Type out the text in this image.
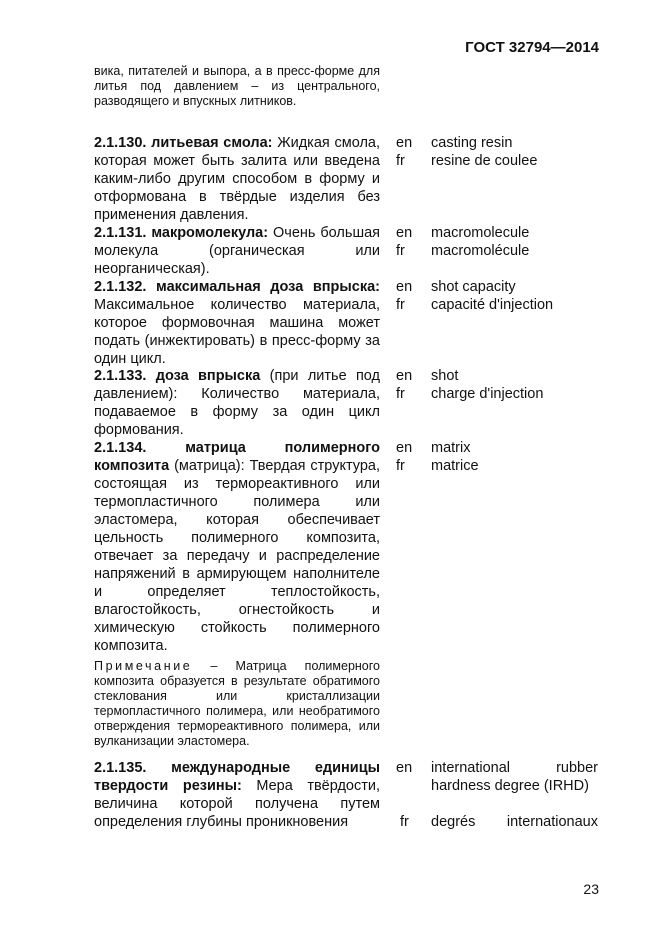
ГОСТ 32794—2014
вика, питателей и выпора, а в пресс-форме для литья под давлением – из центрального, разводящего и впускных литников.
2.1.130. литьевая смола: Жидкая смола, которая может быть залита или введена каким-либо другим способом в форму и отформована в твёрдые изделия без применения давления.
en	casting resin
fr	resine de coulee
2.1.131. макромолекула: Очень большая молекула (органическая или неорганическая).
en	macromolecule
fr	macromolécule
2.1.132. максимальная доза впрыска: Максимальное количество материала, которое формовочная машина может подать (инжектировать) в пресс-форму за один цикл.
en	shot capacity
fr	capacité d'injection
2.1.133. доза впрыска (при литье под давлением): Количество материала, подаваемое в форму за один цикл формования.
en	shot
fr	charge d'injection
2.1.134.	матрица полимерного композита (матрица): Твердая структура, состоящая из термореактивного или термопластичного полимера или эластомера, которая обеспечивает цельность полимерного композита, отвечает за передачу и распределение напряжений в армирующем наполнителе и определяет теплостойкость, влагостойкость, огнестойкость и химическую стойкость полимерного композита.
en	matrix
fr	matrice
Примечание – Матрица полимерного композита образуется в результате обратимого стеклования или кристаллизации термопластичного полимера, или необратимого отверждения термореактивного полимера, или вулканизации эластомера.
2.1.135. международные единицы твердости резины: Мера твёрдости, величина которой получена путем определения глубины проникновения
en	international rubber hardness degree (IRHD)
fr	degrés internationaux
23
